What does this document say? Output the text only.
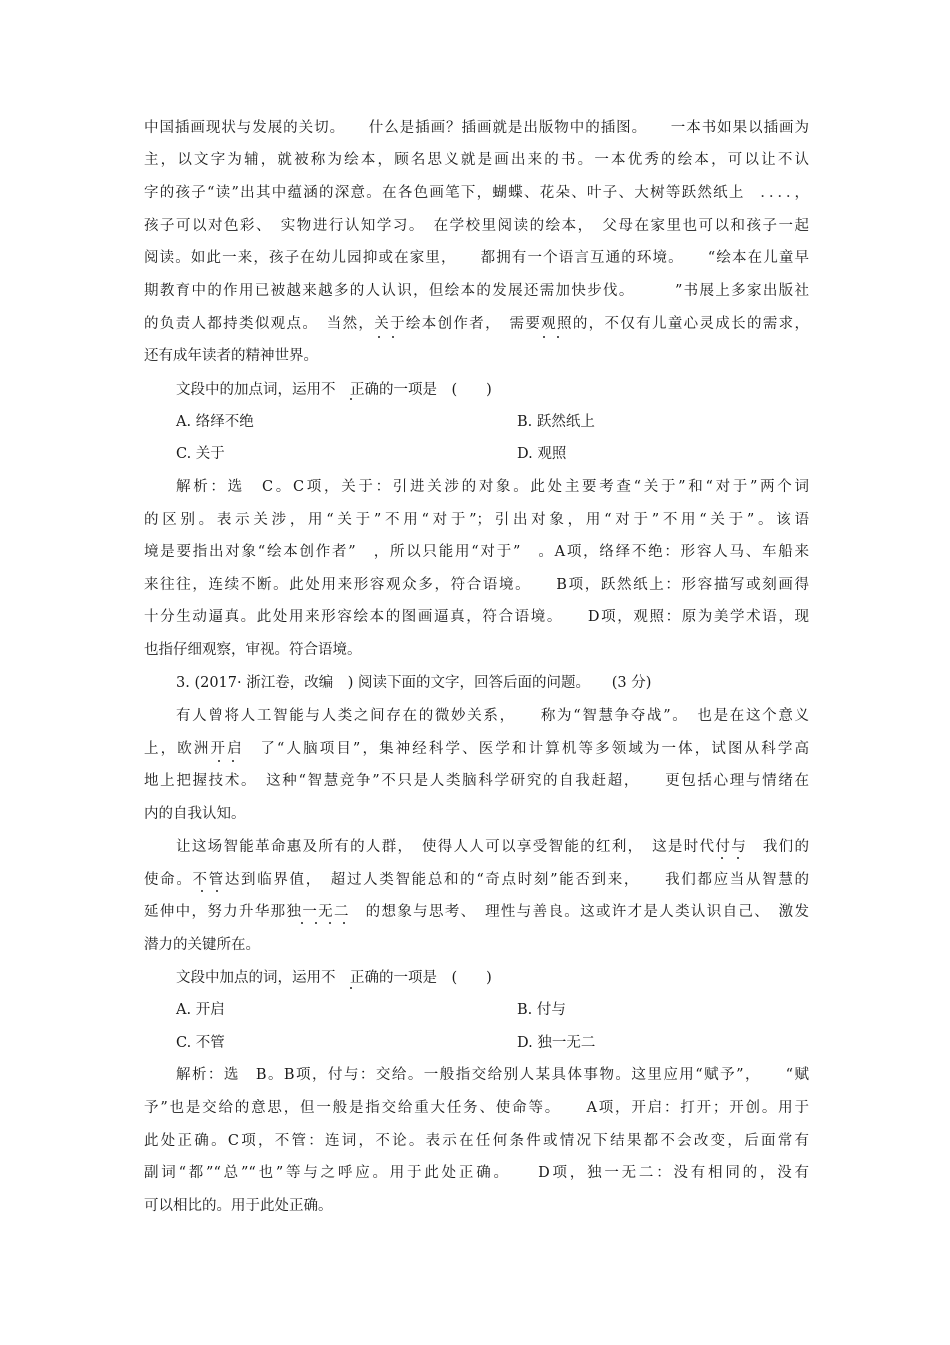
中国插画现状与发展的关切。　　什么是插画？插画就是出版物中的插图。　　一本书如果以插画为
主，以文字为辅，就被称为绘本，顾名思义就是画出来的书。一本优秀的绘本，可以让不认
字的孩子“读”出其中蕴涵的深意。在各色画笔下，蝴蝶、花朵、叶子、大树等跃然纸上　．．．．，
孩子可以对色彩、　实物进行认知学习。　在学校里阅读的绘本，　父母在家里也可以和孩子一起
阅读。如此一来，孩子在幼儿园抑或在家里，　　都拥有一个语言互通的环境。　　“绘本在儿童早
期教育中的作用已被越来越多的人认识，但绘本的发展还需加快步伐。　　　”书展上多家出版社
的负责人都持类似观点。　当然，关于绘本创作者，　需要观照的，不仅有儿童心灵成长的需求，
还有成年读者的精神世界。
文段中的加点词，运用不　正确的一项是　(　　)
A. 络绎不绝	B. 跃然纸上
C. 关于	D. 观照
解析：选　C。C项，关于：引进关涉的对象。此处主要考查“关于”和“对于”两个词
的区别。表示关涉，用“关于”不用“对于”；引出对象，用“对于”不用“关于”。该语
境是要指出对象“绘本创作者”　，所以只能用“对于”　。A项，络绎不绝：形容人马、车船来
来往往，连续不断。此处用来形容观众多，符合语境。　　B项，跃然纸上：形容描写或刻画得
十分生动逼真。此处用来形容绘本的图画逼真，符合语境。　　D项，观照：原为美学术语，现
也指仔细观察，审视。符合语境。
3. (2017· 浙江卷，改编　) 阅读下面的文字，回答后面的问题。　　(3 分)
有人曾将人工智能与人类之间存在的微妙关系，　　称为“智慧争夺战”。　也是在这个意义
上，欧洲开启　了“人脑项目”，集神经科学、医学和计算机等多领域为一体，试图从科学高
地上把握技术。　这种“智慧竞争”不只是人类脑科学研究的自我赶超，　　更包括心理与情绪在
内的自我认知。
让这场智能革命惠及所有的人群，　使得人人可以享受智能的红利，　这是时代付与　我们的
使命。不管达到临界值，　超过人类智能总和的“奇点时刻”能否到来，　　我们都应当从智慧的
延伸中，努力升华那独一无二　的想象与思考、　理性与善良。这或许才是人类认识自己、　激发
潜力的关键所在。
文段中加点的词，运用不　正确的一项是　(　　)
A. 开启	B. 付与
C. 不管	D. 独一无二
解析：选　B。B项，付与：交给。一般指交给别人某具体事物。这里应用“赋予”，　　“赋
予”也是交给的意思，但一般是指交给重大任务、使命等。　　A项，开启：打开；开创。用于
此处正确。C项，不管：连词，不论。表示在任何条件或情况下结果都不会改变，后面常有
副词“都”“总”“也”等与之呼应。用于此处正确。　　D项，独一无二：没有相同的，没有
可以相比的。用于此处正确。
